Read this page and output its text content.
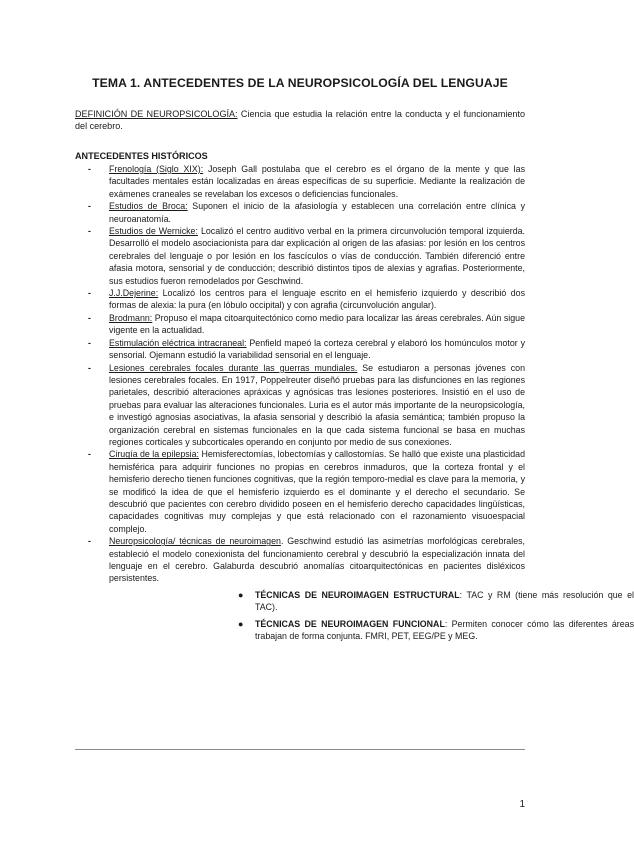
TEMA 1. ANTECEDENTES DE LA NEUROPSICOLOGÍA DEL LENGUAJE
DEFINICIÓN DE NEUROPSICOLOGÍA: Ciencia que estudia la relación entre la conducta y el funcionamiento del cerebro.
ANTECEDENTES HISTÓRICOS
- Frenología (Siglo XIX): Joseph Gall postulaba que el cerebro es el órgano de la mente y que las facultades mentales están localizadas en áreas específicas de su superficie. Mediante la realización de exámenes craneales se revelaban los excesos o deficiencias funcionales.
- Estudios de Broca: Suponen el inicio de la afasiología y establecen una correlación entre clínica y neuroanatomía.
- Estudios de Wernicke: Localizó el centro auditivo verbal en la primera circunvolución temporal izquierda. Desarrolló el modelo asociacionista para dar explicación al origen de las afasias: por lesión en los centros cerebrales del lenguaje o por lesión en los fascículos o vías de conducción. También diferenció entre afasia motora, sensorial y de conducción; describió distintos tipos de alexias y agrafias. Posteriormente, sus estudios fueron remodelados por Geschwind.
- J.J.Dejerine: Localizó los centros para el lenguaje escrito en el hemisferio izquierdo y describió dos formas de alexia: la pura (en lóbulo occipital) y con agrafia (circunvolución angular).
- Brodmann: Propuso el mapa citoarquitectónico como medio para localizar las áreas cerebrales. Aún sigue vigente en la actualidad.
- Estimulación eléctrica intracraneal: Penfield mapeó la corteza cerebral y elaboró los homúnculos motor y sensorial. Ojemann estudió la variabilidad sensorial en el lenguaje.
- Lesiones cerebrales focales durante las guerras mundiales. Se estudiaron a personas jóvenes con lesiones cerebrales focales. En 1917, Poppelreuter diseñó pruebas para las disfunciones en las regiones parietales, describió alteraciones apráxicas y agnósicas tras lesiones posteriores. Insistió en el uso de pruebas para evaluar las alteraciones funcionales. Luria es el autor más importante de la neuropsicología, e investigó agnosias asociativas, la afasia sensorial y describió la afasia semántica; también propuso la organización cerebral en sistemas funcionales en la que cada sistema funcional se basa en muchas regiones corticales y subcorticales operando en conjunto por medio de sus conexiones.
- Cirugía de la epilepsia: Hemisferectomías, lobectomías y callostomías. Se halló que existe una plasticidad hemisférica para adquirir funciones no propias en cerebros inmaduros, que la corteza frontal y el hemisferio derecho tienen funciones cognitivas, que la región temporo-medial es clave para la memoria, y se modificó la idea de que el hemisferio izquierdo es el dominante y el derecho el secundario. Se descubrió que pacientes con cerebro dividido poseen en el hemisferio derecho capacidades lingüísticas, capacidades cognitivas muy complejas y que está relacionado con el razonamiento visuoespacial complejo.
- Neuropsicología/ técnicas de neuroimagen. Geschwind estudió las asimetrías morfológicas cerebrales, estableció el modelo conexionista del funcionamiento cerebral y descubrió la especialización innata del lenguaje en el cerebro. Galaburda descubrió anomalías citoarquitectónicas en pacientes disléxicos persistentes.
● TÉCNICAS DE NEUROIMAGEN ESTRUCTURAL: TAC y RM (tiene más resolución que el TAC).
● TÉCNICAS DE NEUROIMAGEN FUNCIONAL: Permiten conocer cómo las diferentes áreas trabajan de forma conjunta. FMRI, PET, EEG/PE y MEG.
1
